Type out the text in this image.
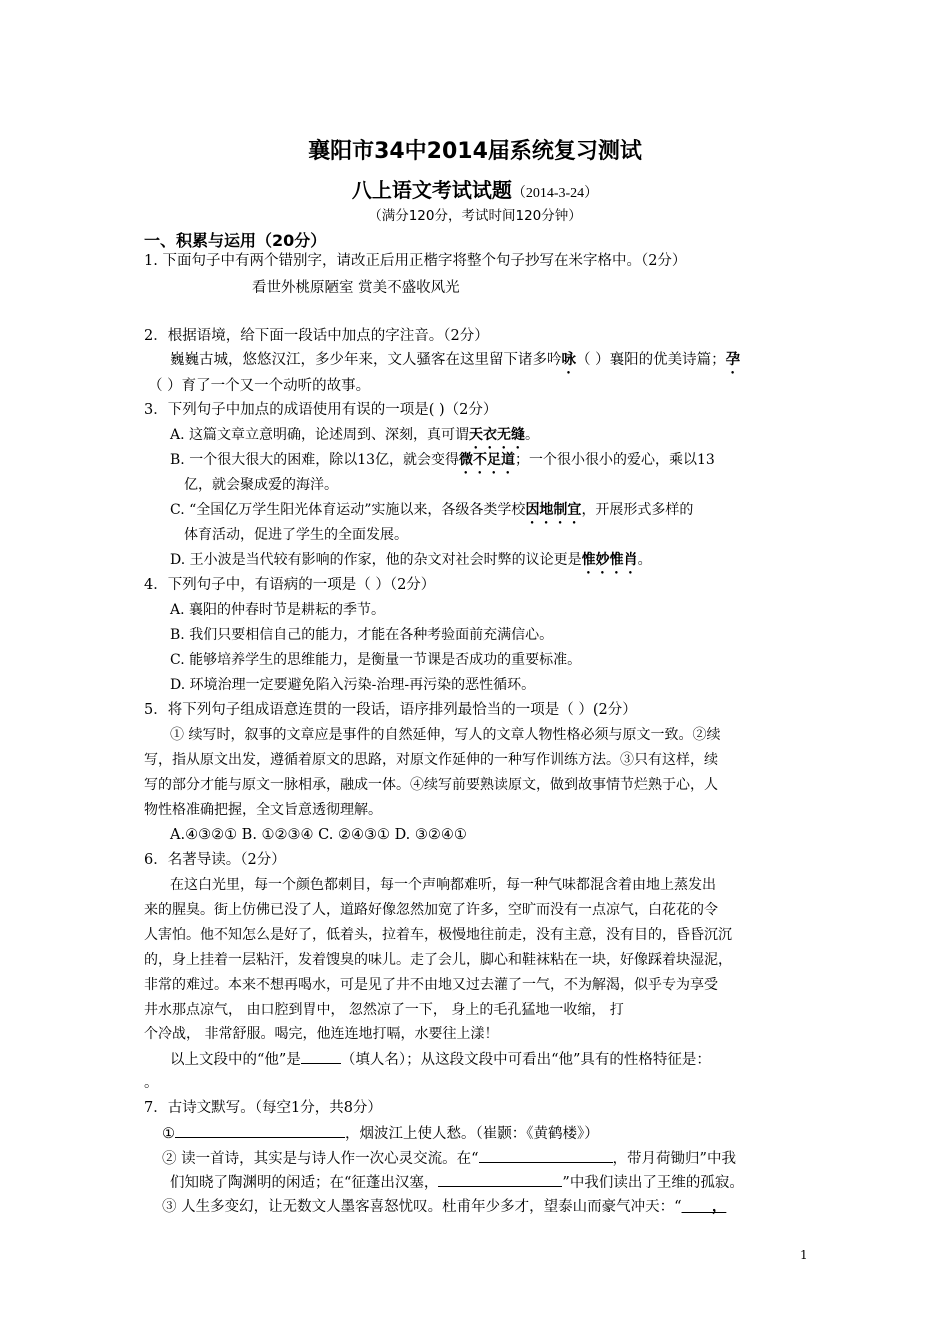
襄阳市34中2014届系统复习测试
八上语文考试试题（2014-3-24）
（满分120分，考试时间120分钟）
一、积累与运用（20分）
1. 下面句子中有两个错别字，请改正后用正楷字将整个句子抄写在米字格中。（2分）
看世外桃原陋室 赏美不盛收风光
2．根据语境，给下面一段话中加点的字注音。（2分）
巍巍古城，悠悠汉江，多少年来，文人骚客在这里留下诸多吟咏（ ）襄阳的优美诗篇；孕
（ ）育了一个又一个动听的故事。
3．下列句子中加点的成语使用有误的一项是( )（2分）
A. 这篇文章立意明确，论述周到、深刻，真可谓天衣无缝。
B. 一个很大很大的困难，除以13亿，就会变得微不足道；一个很小很小的爱心，乘以13
亿，就会聚成爱的海洋。
C. “全国亿万学生阳光体育运动”实施以来，各级各类学校因地制宜，开展形式多样的
体育活动，促进了学生的全面发展。
D. 王小波是当代较有影响的作家，他的杂文对社会时弊的议论更是惟妙惟肖。
4．下列句子中，有语病的一项是（ ）（2分）
A. 襄阳的仲春时节是耕耘的季节。
B. 我们只要相信自己的能力，才能在各种考验面前充满信心。
C. 能够培养学生的思维能力，是衡量一节课是否成功的重要标准。
D. 环境治理一定要避免陷入污染-治理-再污染的恶性循环。
5．将下列句子组成语意连贯的一段话，语序排列最恰当的一项是（ ）(2分）
① 续写时，叙事的文章应是事件的自然延伸，写人的文章人物性格必须与原文一致。②续
写，指从原文出发，遵循着原文的思路，对原文作延伸的一种写作训练方法。③只有这样，续
写的部分才能与原文一脉相承，融成一体。④续写前要熟读原文，做到故事情节烂熟于心，人
物性格准确把握，全文旨意透彻理解。
A.④③②① B. ①②③④ C. ②④③① D. ③②④①
6．名著导读。（2分）
在这白光里，每一个颜色都刺目，每一个声响都难听，每一种气味都混含着由地上蒸发出
来的腥臭。街上仿佛已没了人，道路好像忽然加宽了许多，空旷而没有一点凉气，白花花的令
人害怕。他不知怎么是好了，低着头，拉着车，极慢地往前走，没有主意，没有目的，昏昏沉沉
的，身上挂着一层粘汗，发着馊臭的味儿。走了会儿，脚心和鞋袜粘在一块，好像踩着块湿泥，
非常的难过。本来不想再喝水，可是见了井不由地又过去灌了一气，不为解渴，似乎专为享受
井水那点凉气， 由口腔到胃中， 忽然凉了一下， 身上的毛孔猛地一收缩， 打
个冷战， 非常舒服。喝完，他连连地打嗝，水要往上漾！
以上文段中的“他”是	（填人名）；从这段文段中可看出“他”具有的性格特征是：
。
7．古诗文默写。（每空1分，共8分）
①	，烟波江上使人愁。（崔颢：《黄鹤楼》）
② 读一首诗，其实是与诗人作一次心灵交流。在“	，带月荷锄归”中我
们知晓了陶渊明的闲适；在“征蓬出汉塞，	”中我们读出了王维的孤寂。
③ 人生多变幻，让无数文人墨客喜怒忧叹。杜甫年少多才，望泰山而豪气冲天：“      ，
1
